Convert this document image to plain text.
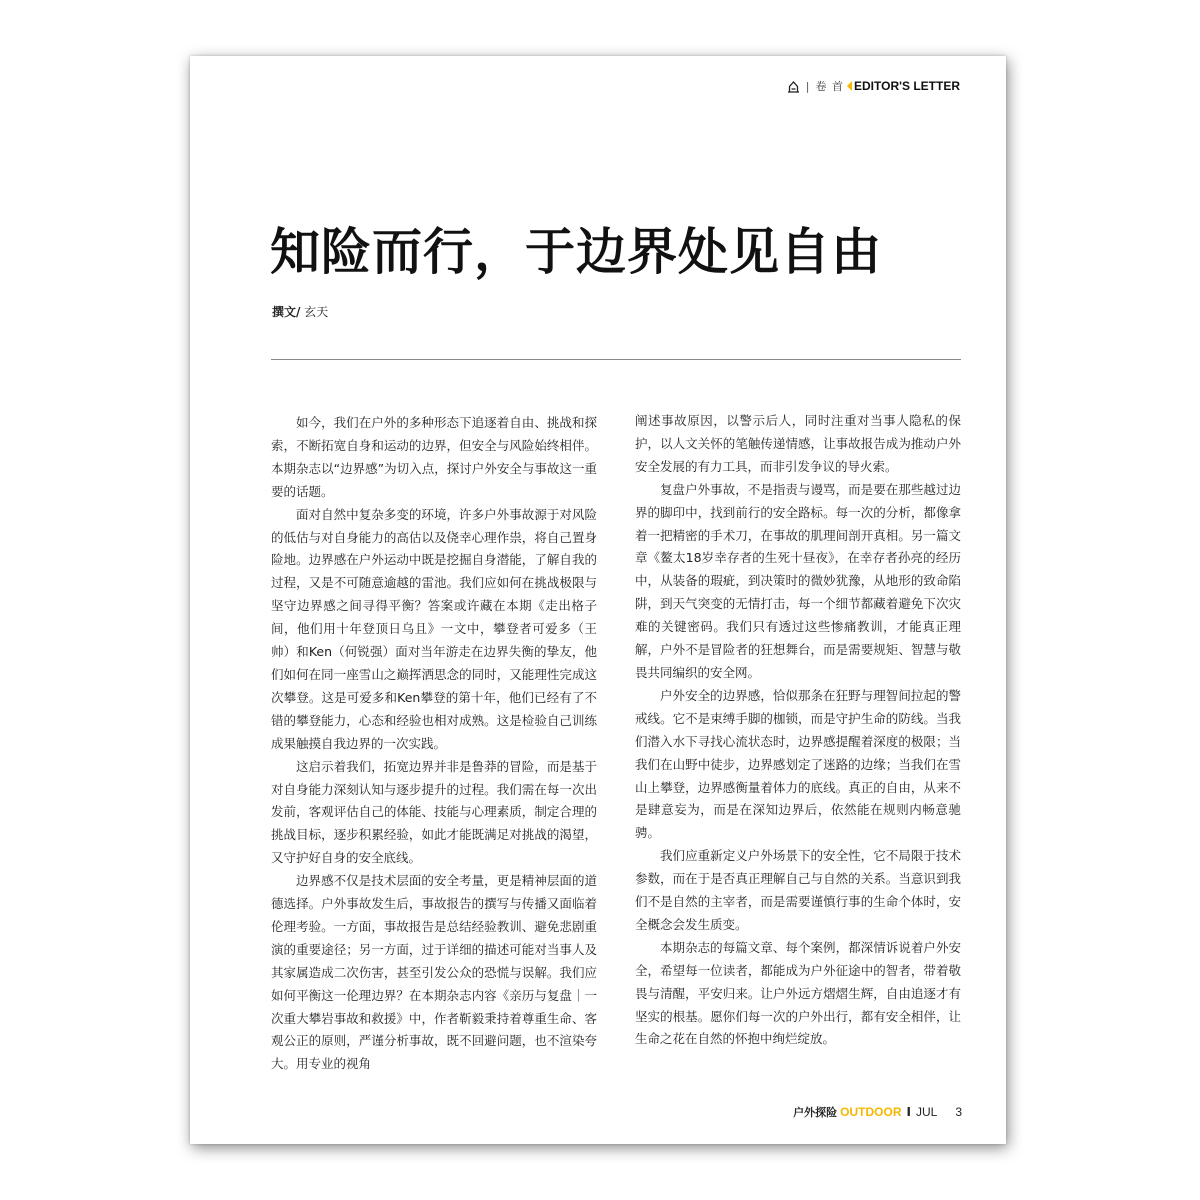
| 卷 首 EDITOR'S LETTER
知险而行，于边界处见自由
撰文/ 玄天

如今，我们在户外的多种形态下追逐着自由、挑战和探索，不断拓宽自身和运动的边界，但安全与风险始终相伴。本期杂志以“边界感”为切入点，探讨户外安全与事故这一重要的话题。

面对自然中复杂多变的环境，许多户外事故源于对风险的低估与对自身能力的高估以及侥幸心理作祟，将自己置身险地。边界感在户外运动中既是挖掘自身潜能，了解自我的过程，又是不可随意逾越的雷池。我们应如何在挑战极限与坚守边界感之间寻得平衡？答案或许藏在本期《走出格子间，他们用十年登顶日乌且》一文中，攀登者可爱多（王帅）和Ken（何锐强）面对当年游走在边界失衡的挚友，他们如何在同一座雪山之巅挥洒思念的同时，又能理性完成这次攀登。这是可爱多和Ken攀登的第十年，他们已经有了不错的攀登能力，心态和经验也相对成熟。这是检验自己训练成果触摸自我边界的一次实践。

这启示着我们，拓宽边界并非是鲁莽的冒险，而是基于对自身能力深刻认知与逐步提升的过程。我们需在每一次出发前，客观评估自己的体能、技能与心理素质，制定合理的挑战目标，逐步积累经验，如此才能既满足对挑战的渴望，又守护好自身的安全底线。

边界感不仅是技术层面的安全考量，更是精神层面的道德选择。户外事故发生后，事故报告的撰写与传播又面临着伦理考验。一方面，事故报告是总结经验教训、避免悲剧重演的重要途径；另一方面，过于详细的描述可能对当事人及其家属造成二次伤害，甚至引发公众的恐慌与误解。我们应如何平衡这一伦理边界？在本期杂志内容《亲历与复盘｜一次重大攀岩事故和救援》中，作者靳毅秉持着尊重生命、客观公正的原则，严谨分析事故，既不回避问题，也不渲染夸大。用专业的视角

阐述事故原因，以警示后人，同时注重对当事人隐私的保护，以人文关怀的笔触传递情感，让事故报告成为推动户外安全发展的有力工具，而非引发争议的导火索。

复盘户外事故，不是指责与谩骂，而是要在那些越过边界的脚印中，找到前行的安全路标。每一次的分析，都像拿着一把精密的手术刀，在事故的肌理间剖开真相。另一篇文章《鳌太18岁幸存者的生死十昼夜》，在幸存者孙亮的经历中，从装备的瑕疵，到决策时的微妙犹豫，从地形的致命陷阱，到天气突变的无情打击，每一个细节都藏着避免下次灾难的关键密码。我们只有透过这些惨痛教训，才能真正理解，户外不是冒险者的狂想舞台，而是需要规矩、智慧与敬畏共同编织的安全网。

户外安全的边界感，恰似那条在狂野与理智间拉起的警戒线。它不是束缚手脚的枷锁，而是守护生命的防线。当我们潜入水下寻找心流状态时，边界感提醒着深度的极限；当我们在山野中徒步，边界感划定了迷路的边缘；当我们在雪山上攀登，边界感衡量着体力的底线。真正的自由，从来不是肆意妄为，而是在深知边界后，依然能在规则内畅意驰骋。

我们应重新定义户外场景下的安全性，它不局限于技术参数，而在于是否真正理解自己与自然的关系。当意识到我们不是自然的主宰者，而是需要谨慎行事的生命个体时，安全概念会发生质变。

本期杂志的每篇文章、每个案例，都深情诉说着户外安全，希望每一位读者，都能成为户外征途中的智者，带着敬畏与清醒，平安归来。让户外远方熠熠生辉，自由追逐才有坚实的根基。愿你们每一次的户外出行，都有安全相伴，让生命之花在自然的怀抱中绚烂绽放。

户外探险 OUTDOOR I JUL 3
